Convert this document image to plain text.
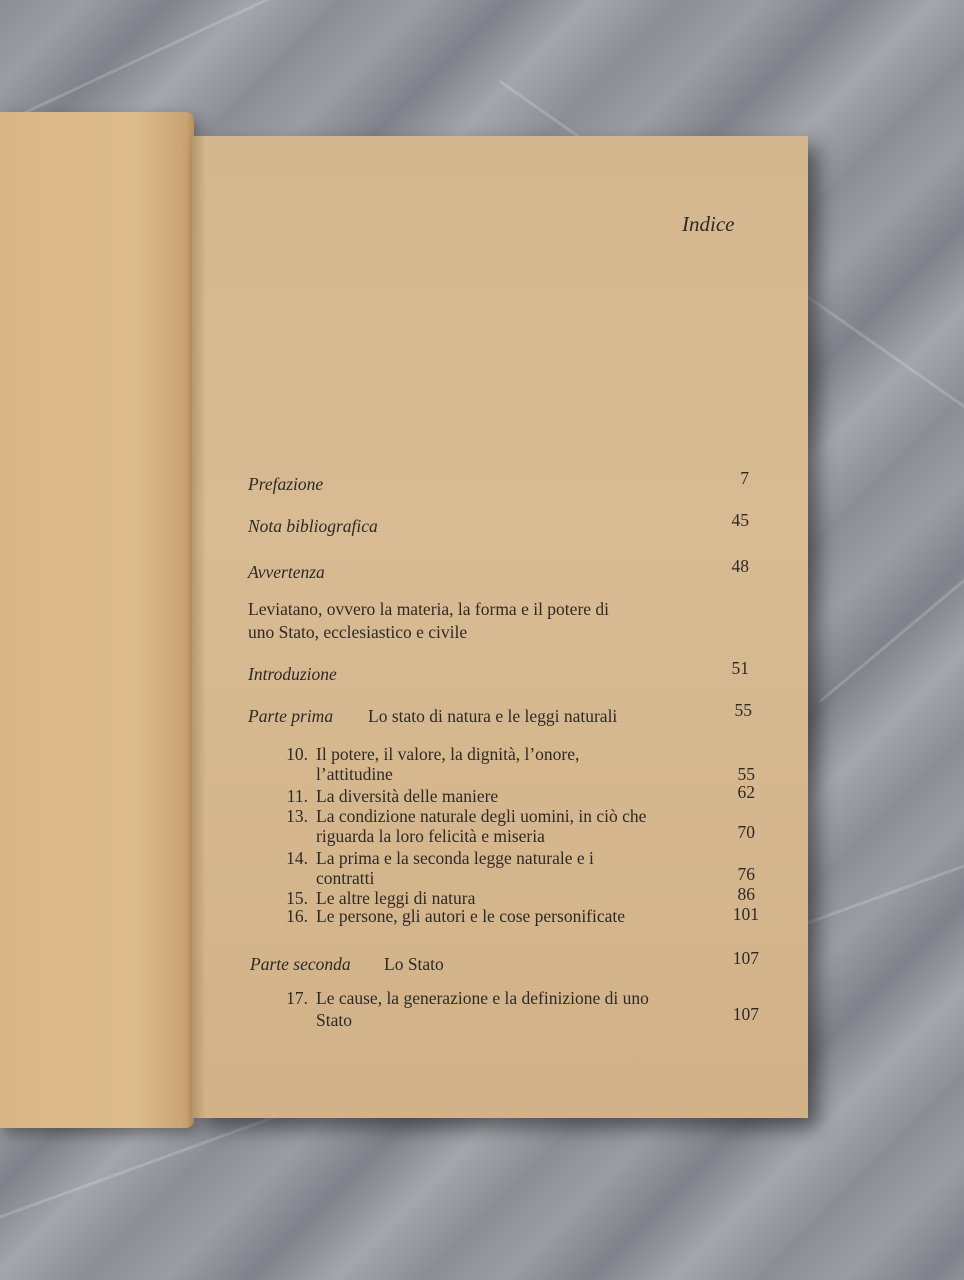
Indice
Prefazione	7
Nota bibliografica	45
Avvertenza	48
Leviatano, ovvero la materia, la forma e il potere di
uno Stato, ecclesiastico e civile
Introduzione	51
Parte prima Lo stato di natura e le leggi naturali	55
10. Il potere, il valore, la dignità, l’onore,
l’attitudine	55
11. La diversità delle maniere	62
13. La condizione naturale degli uomini, in ciò che
riguarda la loro felicità e miseria	70
14. La prima e la seconda legge naturale e i
contratti	76
15. Le altre leggi di natura	86
16. Le persone, gli autori e le cose personificate	101
Parte seconda Lo Stato	107
17. Le cause, la generazione e la definizione di uno
Stato	107
